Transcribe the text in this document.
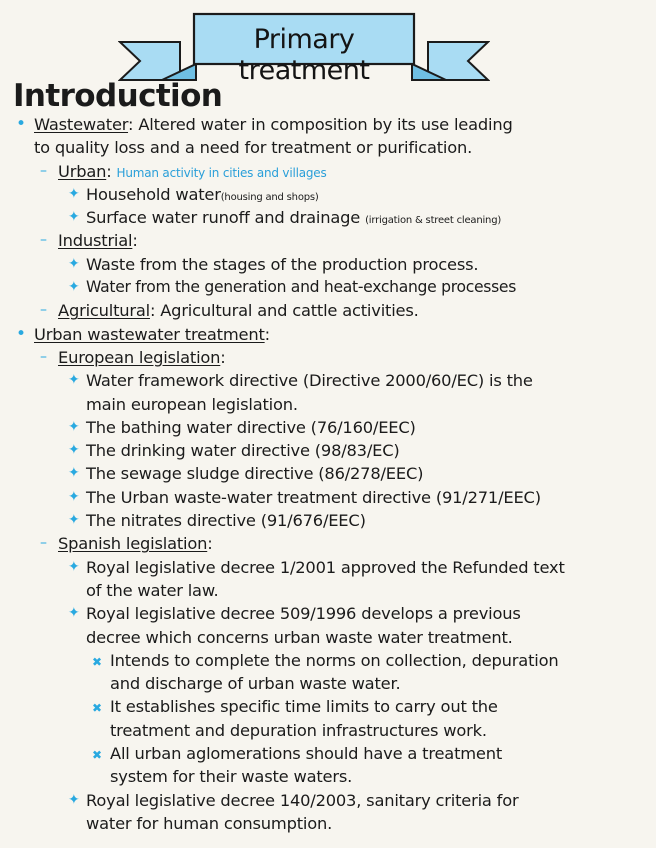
Primary treatment
Introduction
• Wastewater: Altered water in composition by its use leading
to quality loss and a need for treatment or purification.
– Urban: Human activity in cities and villages
✦ Household water(housing and shops)
✦ Surface water runoff and drainage (irrigation & street cleaning)
– Industrial:
✦ Waste from the stages of the production process.
✦ Water from the generation and heat-exchange processes
– Agricultural: Agricultural and cattle activities.
• Urban wastewater treatment:
– European legislation:
✦ Water framework directive (Directive 2000/60/EC) is the
main european legislation.
✦ The bathing water directive (76/160/EEC)
✦ The drinking water directive (98/83/EC)
✦ The sewage sludge directive (86/278/EEC)
✦ The Urban waste-water treatment directive (91/271/EEC)
✦ The nitrates directive (91/676/EEC)
– Spanish legislation:
✦ Royal legislative decree 1/2001 approved the Refunded text
of the water law.
✦ Royal legislative decree 509/1996 develops a previous
decree which concerns urban waste water treatment.
✖ Intends to complete the norms on collection, depuration
and discharge of urban waste water.
✖ It establishes specific time limits to carry out the
treatment and depuration infrastructures work.
✖ All urban aglomerations should have a treatment
system for their waste waters.
✦ Royal legislative decree 140/2003, sanitary criteria for
water for human consumption.
